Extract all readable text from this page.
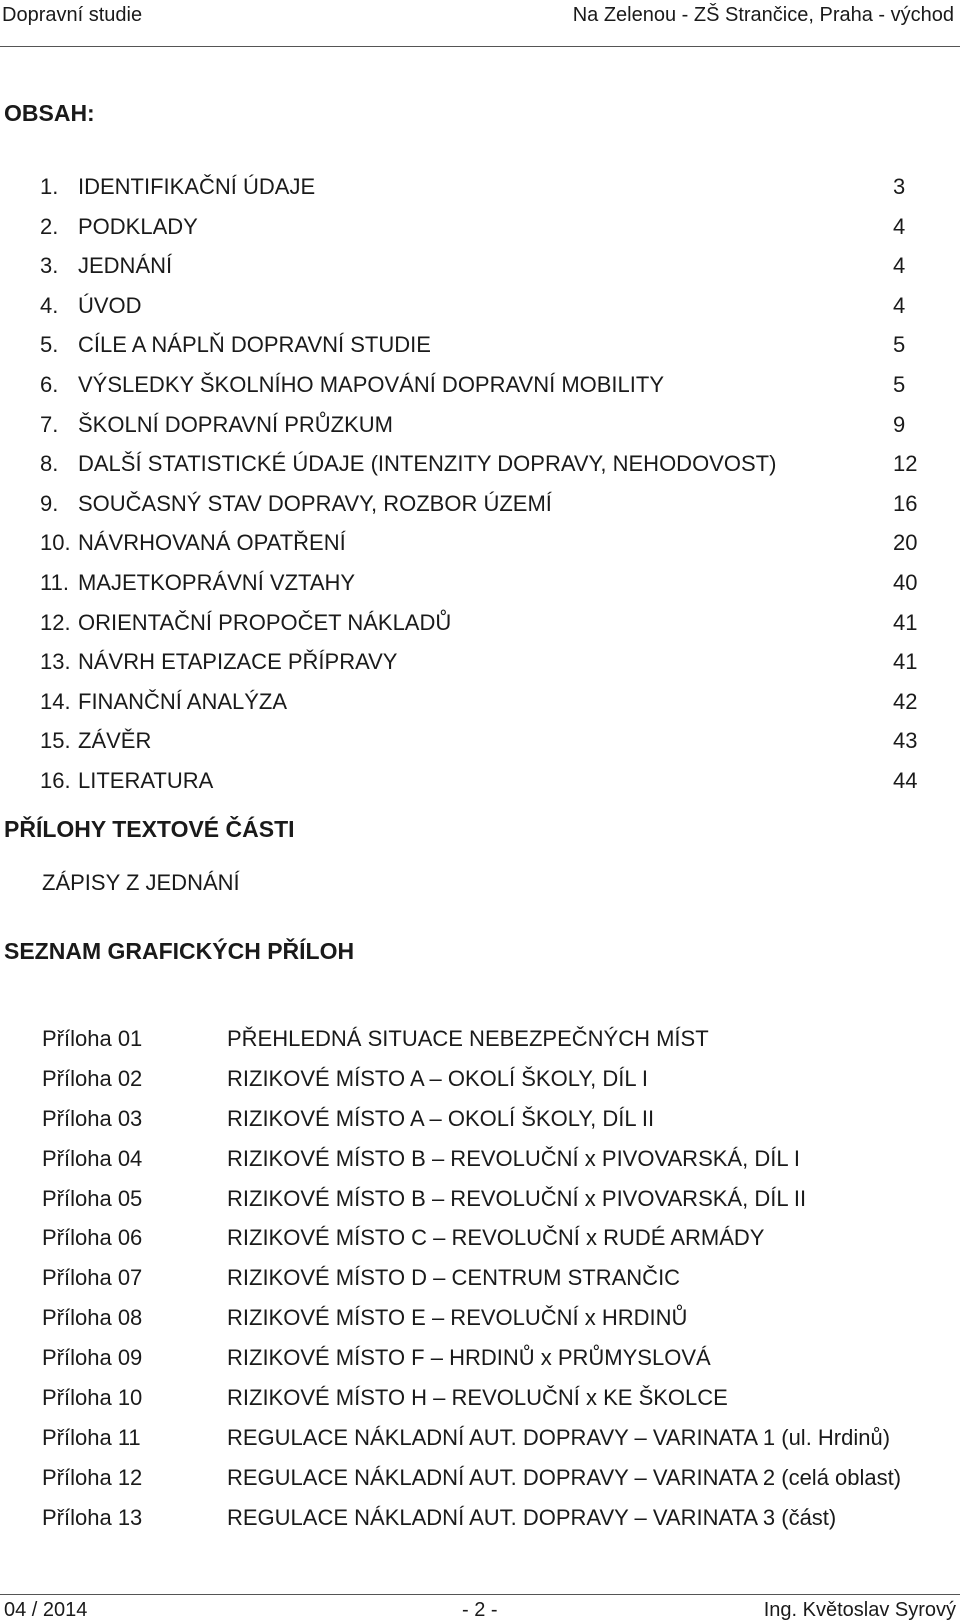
Dopravní studie	Na Zelenou - ZŠ Strančice, Praha - východ
OBSAH:
1. IDENTIFIKAČNÍ ÚDAJE	3
2. PODKLADY	4
3. JEDNÁNÍ	4
4. ÚVOD	4
5. CÍLE A NÁPLŇ DOPRAVNÍ STUDIE	5
6. VÝSLEDKY ŠKOLNÍHO MAPOVÁNÍ DOPRAVNÍ MOBILITY	5
7. ŠKOLNÍ DOPRAVNÍ PRŮZKUM	9
8. DALŠÍ STATISTICKÉ ÚDAJE (INTENZITY DOPRAVY, NEHODOVOST)	12
9. SOUČASNÝ STAV DOPRAVY, ROZBOR ÚZEMÍ	16
10. NÁVRHOVANÁ OPATŘENÍ	20
11. MAJETKOPRÁVNÍ VZTAHY	40
12. ORIENTAČNÍ PROPOČET NÁKLADŮ	41
13. NÁVRH ETAPIZACE PŘÍPRAVY	41
14. FINANČNÍ ANALÝZA	42
15. ZÁVĚR	43
16. LITERATURA	44
PŘÍLOHY TEXTOVÉ ČÁSTI
ZÁPISY Z JEDNÁNÍ
SEZNAM GRAFICKÝCH PŘÍLOH
Příloha 01	PŘEHLEDNÁ SITUACE NEBEZPEČNÝCH MÍST
Příloha 02	RIZIKOVÉ MÍSTO A – OKOLÍ ŠKOLY, DÍL I
Příloha 03	RIZIKOVÉ MÍSTO A – OKOLÍ ŠKOLY, DÍL II
Příloha 04	RIZIKOVÉ MÍSTO B – REVOLUČNÍ x PIVOVARSKÁ, DÍL I
Příloha 05	RIZIKOVÉ MÍSTO B – REVOLUČNÍ x PIVOVARSKÁ, DÍL II
Příloha 06	RIZIKOVÉ MÍSTO C – REVOLUČNÍ x RUDÉ ARMÁDY
Příloha 07	RIZIKOVÉ MÍSTO D – CENTRUM STRANČIC
Příloha 08	RIZIKOVÉ MÍSTO E – REVOLUČNÍ x HRDINŮ
Příloha 09	RIZIKOVÉ MÍSTO F – HRDINŮ x PRŮMYSLOVÁ
Příloha 10	RIZIKOVÉ MÍSTO H – REVOLUČNÍ x KE ŠKOLCE
Příloha 11	REGULACE NÁKLADNÍ AUT. DOPRAVY – VARINATA 1 (ul. Hrdinů)
Příloha 12	REGULACE NÁKLADNÍ AUT. DOPRAVY – VARINATA 2 (celá oblast)
Příloha 13	REGULACE NÁKLADNÍ AUT. DOPRAVY – VARINATA 3 (část)
04 / 2014	- 2 -	Ing. Květoslav Syrový
